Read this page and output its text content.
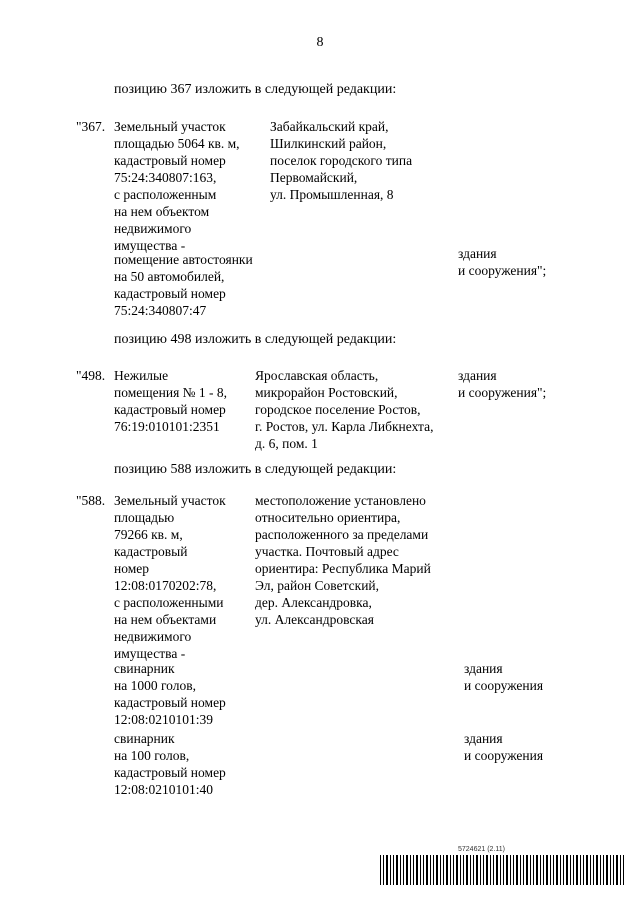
8
позицию 367 изложить в следующей редакции:
"367. Земельный участок
площадью 5064 кв. м,
кадастровый номер
75:24:340807:163,
с расположенным
на нем объектом
недвижимого
имущества -
Забайкальский край,
Шилкинский район,
поселок городского типа
Первомайский,
ул. Промышленная, 8
помещение автостоянки
на 50 автомобилей,
кадастровый номер
75:24:340807:47
здания
и сооружения";
позицию 498 изложить в следующей редакции:
"498. Нежилые
помещения № 1 - 8,
кадастровый номер
76:19:010101:2351
Ярославская область,
микрорайон Ростовский,
городское поселение Ростов,
г. Ростов, ул. Карла Либкнехта,
д. 6, пом. 1
здания
и сооружения";
позицию 588 изложить в следующей редакции:
"588. Земельный участок
площадью
79266 кв. м,
кадастровый
номер
12:08:0170202:78,
с расположенными
на нем объектами
недвижимого
имущества -
местоположение установлено
относительно ориентира,
расположенного за пределами
участка. Почтовый адрес
ориентира: Республика Марий
Эл, район Советский,
дер. Александровка,
ул. Александровская
свинарник
на 1000 голов,
кадастровый номер
12:08:0210101:39
здания
и сооружения
свинарник
на 100 голов,
кадастровый номер
12:08:0210101:40
здания
и сооружения
5724621 (2.11)
